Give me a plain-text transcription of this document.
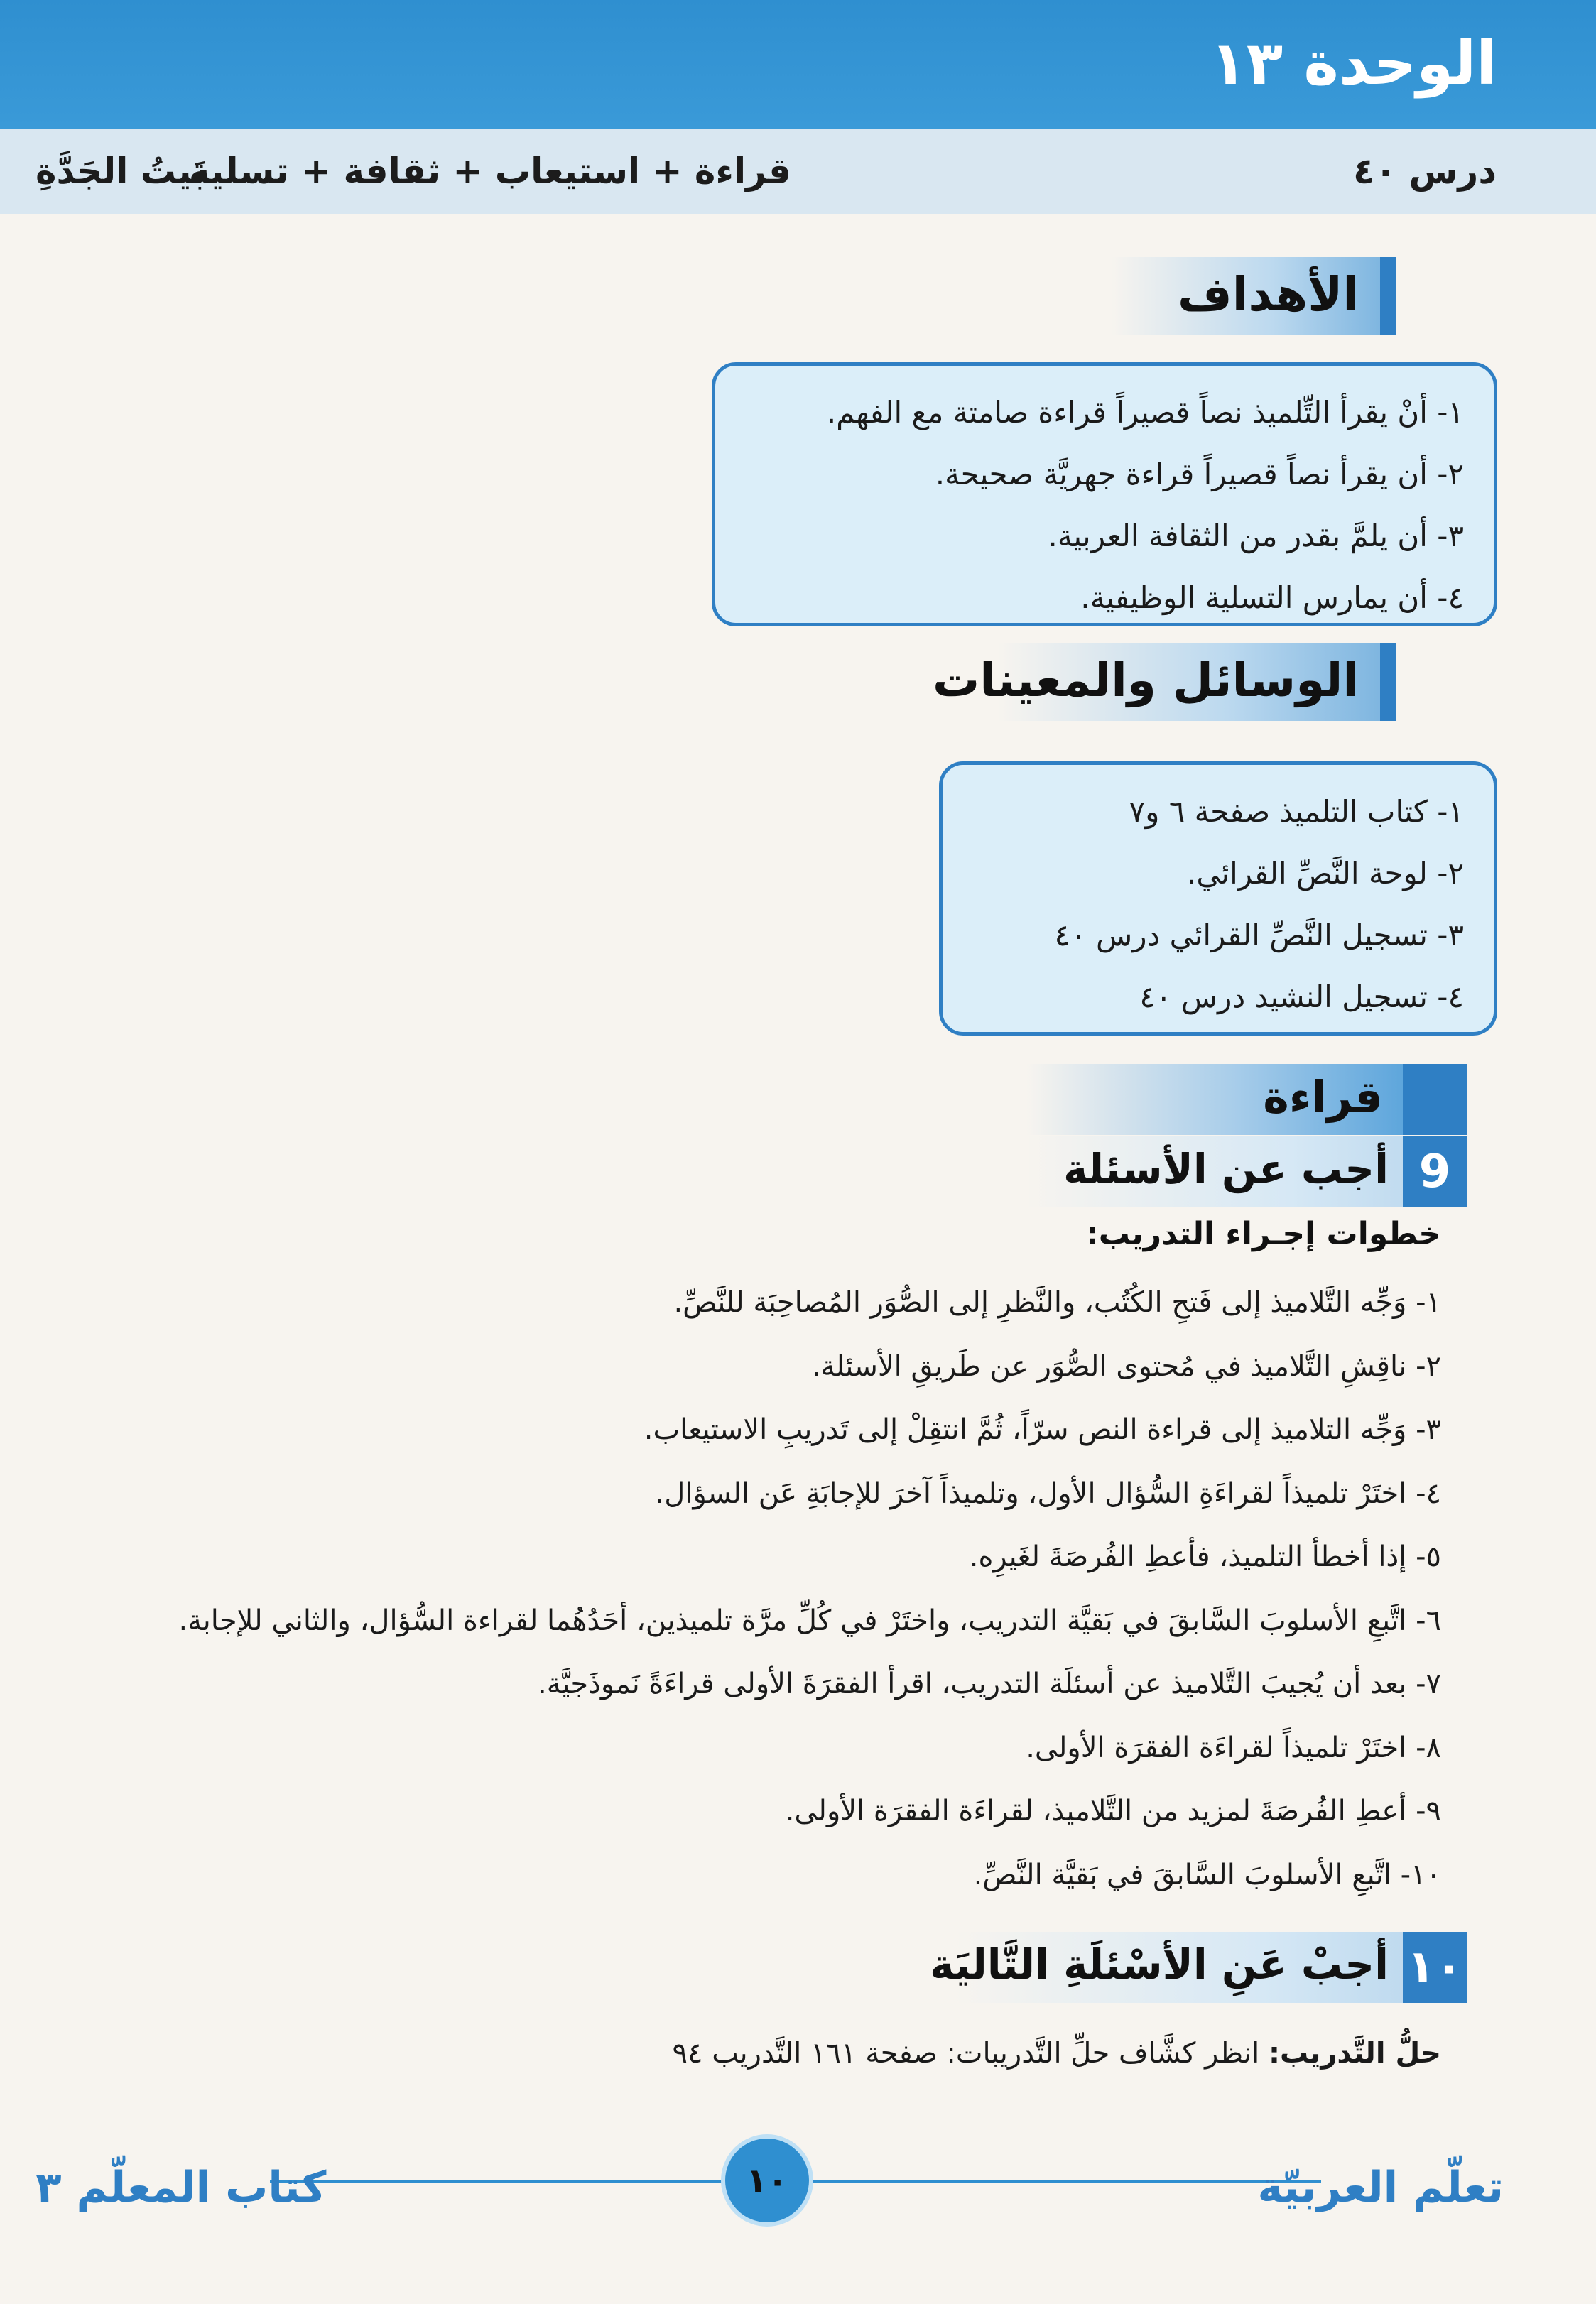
الوحدة ١٣
درس ٤٠
قراءة + استيعاب + ثقافة + تسلية
بَيتُ الجَدَّةِ
الأهداف
١- أنْ يقرأ التِّلميذ نصاً قصيراً قراءة صامتة مع الفهم.
٢- أن يقرأ نصاً قصيراً قراءة جهريَّة صحيحة.
٣- أن يلمَّ بقدر من الثقافة العربية.
٤- أن يمارس التسلية الوظيفية.
الوسائل والمعينات
١- كتاب التلميذ صفحة ٦ و٧
٢- لوحة النَّصِّ القرائي.
٣- تسجيل النَّصِّ القرائي درس ٤٠
٤- تسجيل النشيد درس ٤٠
قراءة
9
أجب عن الأسئلة
خطوات إجـراء التدريب:
١- وَجِّه التَّلاميذ إلى فَتحِ الكُتُب، والنَّظرِ إلى الصُّوَر المُصاحِبَة للنَّصِّ.
٢- ناقِشِ التَّلاميذ في مُحتوى الصُّوَر عن طَريقِ الأسئلة.
٣- وَجِّه التلاميذ إلى قراءة النص سرّاً، ثُمَّ انتقِلْ إلى تَدريبِ الاستيعاب.
٤- اختَرْ تلميذاً لقراءَةِ السُّؤال الأول، وتلميذاً آخرَ للإجابَةِ عَن السؤال.
٥- إذا أخطأ التلميذ، فأعطِ الفُرصَةَ لغَيرِه.
٦- اتَّبعِ الأسلوبَ السَّابقَ في بَقيَّة التدريب، واختَرْ في كُلِّ مرَّة تلميذين، أحَدُهُما لقراءة السُّؤال، والثاني للإجابة.
٧- بعد أن يُجيبَ التَّلاميذ عن أسئلَة التدريب، اقرأ الفقرَةَ الأولى قراءَةً نَموذَجيَّة.
٨- اختَرْ تلميذاً لقراءَة الفقرَة الأولى.
٩- أعطِ الفُرصَةَ لمزيد من التَّلاميذ، لقراءَة الفقرَة الأولى.
١٠- اتَّبعِ الأسلوبَ السَّابقَ في بَقيَّة النَّصِّ.
١٠
أجبْ عَنِ الأسْئلَةِ التَّاليَة
حلُّ التَّدريب: انظر كشَّاف حلِّ التَّدريبات: صفحة ١٦١ التَّدريب ٩٤
١٠	تعلّم العربيّة
كتاب المعلّم ٣
